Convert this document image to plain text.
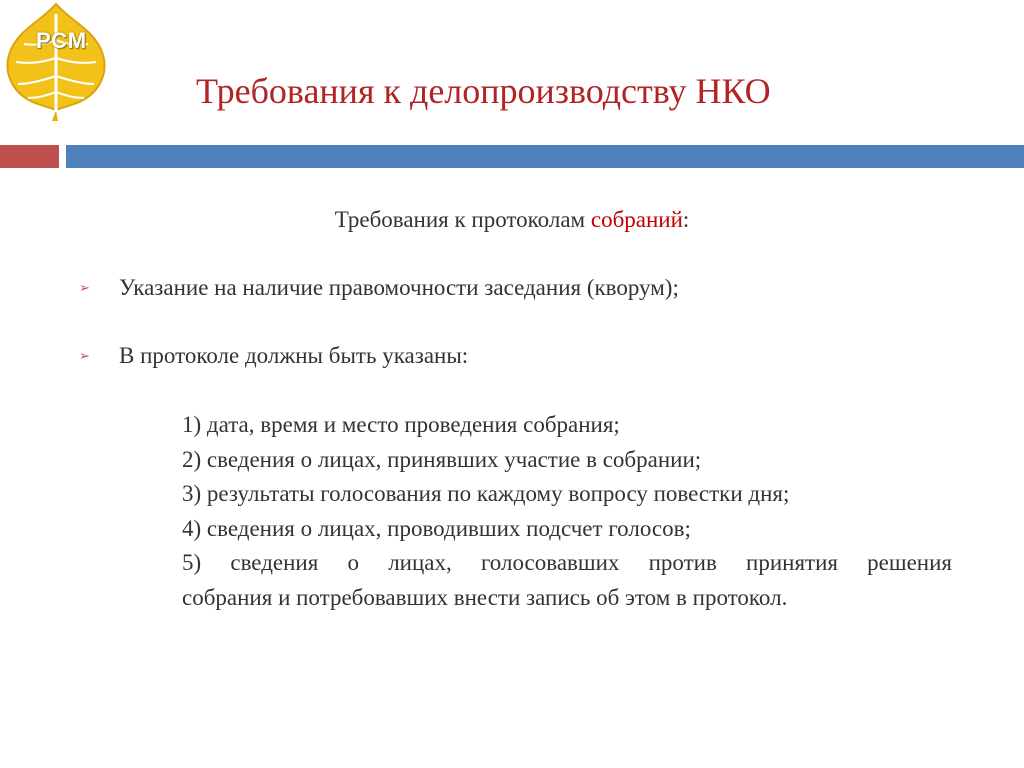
РСМ
Требования к делопроизводству НКО
Требования к протоколам собраний:
➢	Указание на наличие правомочности заседания (кворум);
➢	В протоколе должны быть указаны:
1) дата, время и место проведения собрания;
2) сведения о лицах, принявших участие в собрании;
3) результаты голосования по каждому вопросу повестки дня;
4) сведения о лицах, проводивших подсчет голосов;
5) сведения о лицах, голосовавших против принятия решения
собрания и потребовавших внести запись об этом в протокол.
